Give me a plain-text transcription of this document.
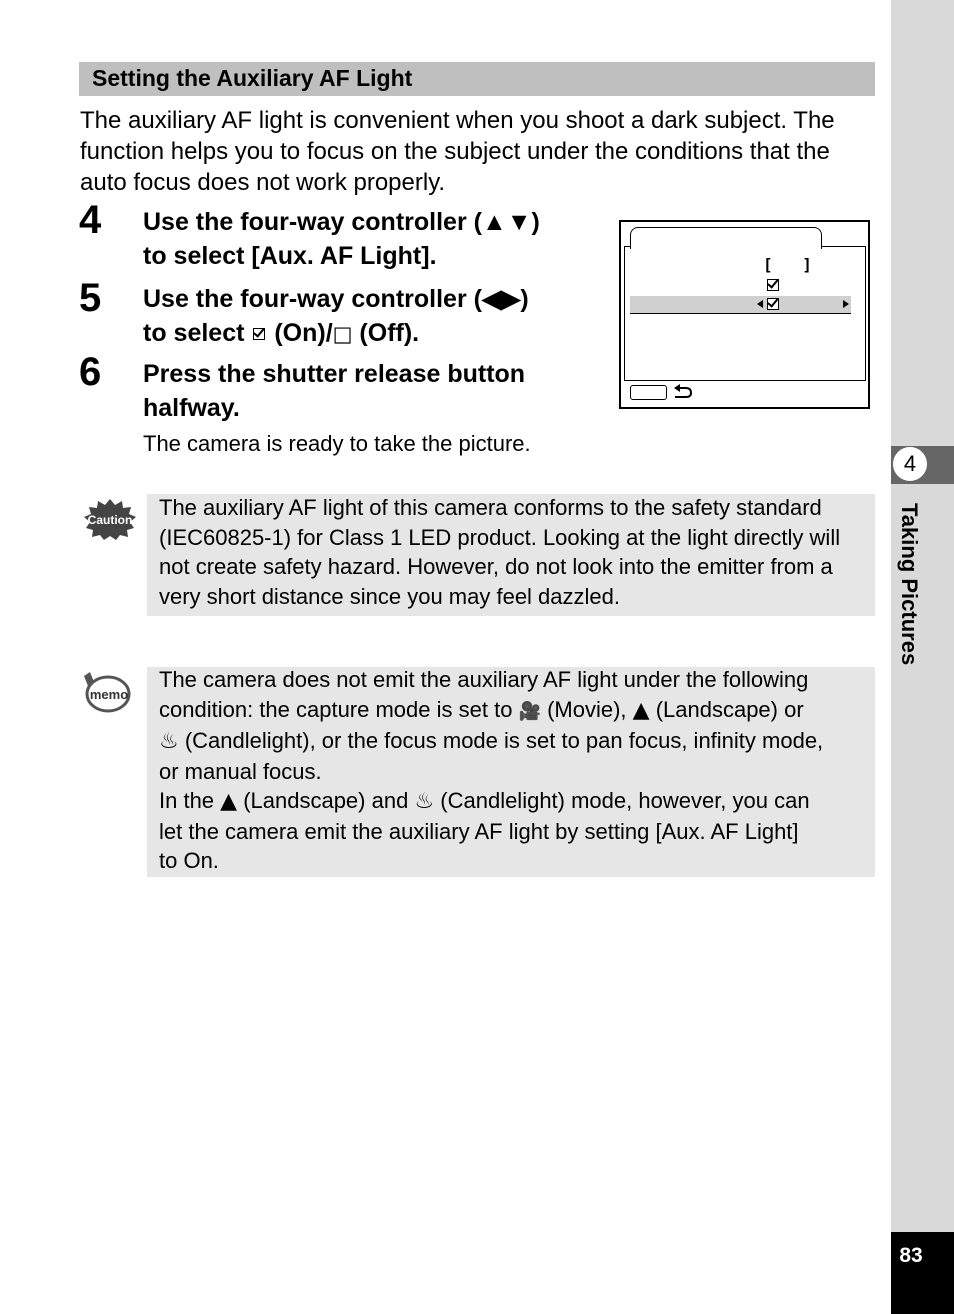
4
Taking Pictures
83
Setting the Auxiliary AF Light
The auxiliary AF light is convenient when you shoot a dark subject. The function helps you to focus on the subject under the conditions that the auto focus does not work properly.
4 Use the four-way controller (▲▼)
to select [Aux. AF Light].
5 Use the four-way controller (◀▶)
to select
(On)/□ (Off).
6 Press the shutter release button
halfway.
The camera is ready to take the picture.
[ ]
Caution The auxiliary AF light of this camera conforms to the safety standard (IEC60825-1) for Class 1 LED product. Looking at the light directly will not create safety hazard. However, do not look into the emitter from a very short distance since you may feel dazzled.
memo
The camera does not emit the auxiliary AF light under the following
condition: the capture mode is set to 🎥 (Movie), ▲ (Landscape) or
♨ (Candlelight), or the focus mode is set to pan focus, infinity mode,
or manual focus.
In the ▲ (Landscape) and ♨ (Candlelight) mode, however, you can
let the camera emit the auxiliary AF light by setting [Aux. AF Light]
to On.
